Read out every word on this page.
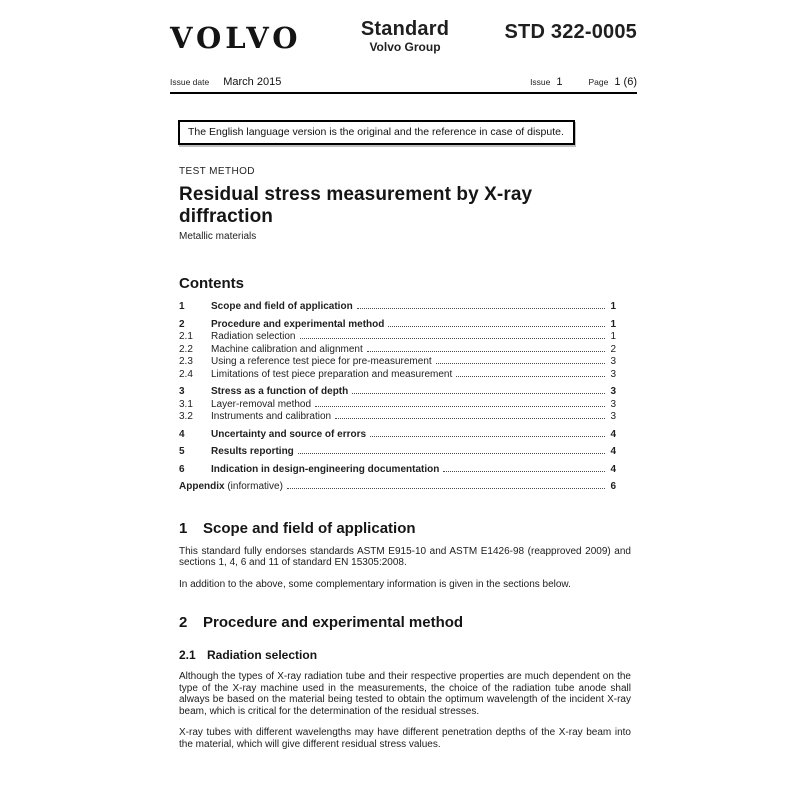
VOLVO	Standard
Volvo Group
STD 322-0005
Issue date March 2015	Issue 1	Page 1 (6)
The English language version is the original and the reference in case of dispute.
TEST METHOD
Residual stress measurement by X-ray diffraction
Metallic materials
Contents
1	Scope and field of application	1
2	Procedure and experimental method	1
2.1	Radiation selection	1
2.2	Machine calibration and alignment	2
2.3	Using a reference test piece for pre-measurement	3
2.4	Limitations of test piece preparation and measurement	3
3	Stress as a function of depth	3
3.1	Layer-removal method	3
3.2	Instruments and calibration	3
4	Uncertainty and source of errors	4
5	Results reporting	4
6	Indication in design-engineering documentation	4
Appendix (informative)	6
1 Scope and field of application

This standard fully endorses standards ASTM E915-10 and ASTM E1426-98 (reapproved 2009) and sections 1, 4, 6 and 11 of standard EN 15305:2008.

In addition to the above, some complementary information is given in the sections below.

2 Procedure and experimental method
2.1 Radiation selection

Although the types of X-ray radiation tube and their respective properties are much dependent on the type of the X-ray machine used in the measurements, the choice of the radiation tube anode shall always be based on the material being tested to obtain the optimum wavelength of the incident X-ray beam, which is critical for the determination of the residual stresses.

X-ray tubes with different wavelengths may have different penetration depths of the X-ray beam into the material, which will give different residual stress values.
